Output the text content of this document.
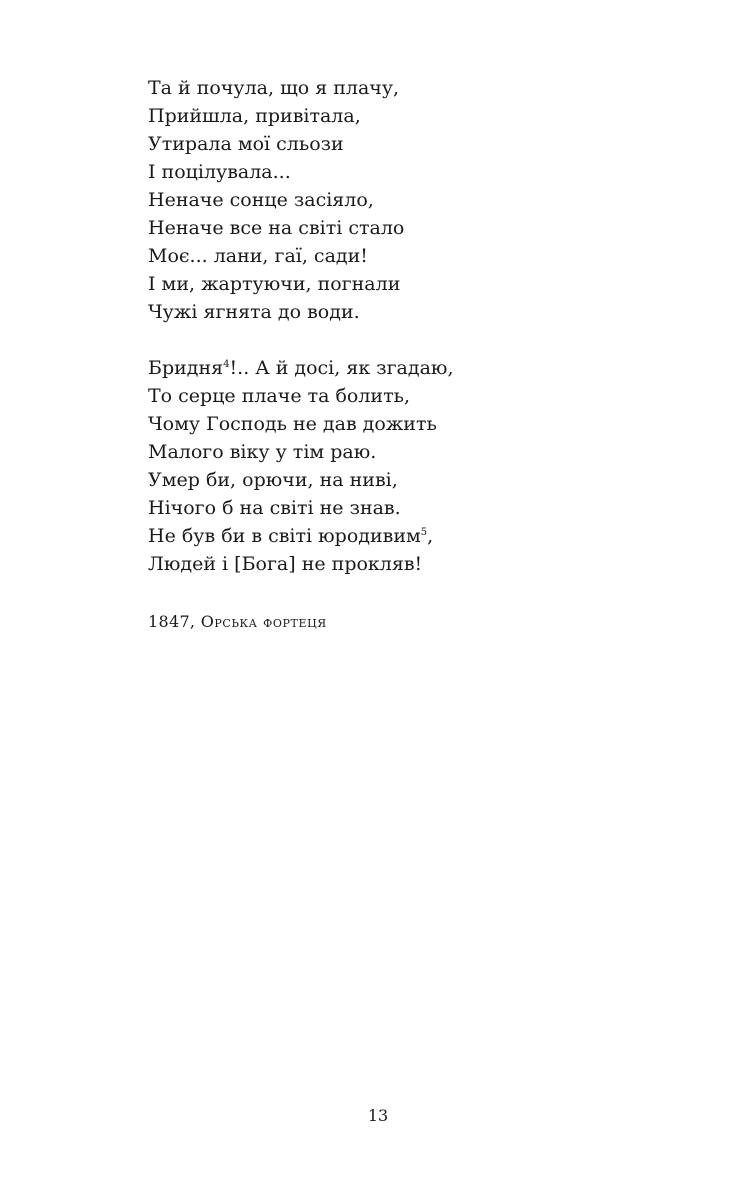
Та й почула, що я плачу,
Прийшла, привітала,
Утирала мої сльози
І поцілувала...
Неначе сонце засіяло,
Неначе все на світі стало
Моє... лани, гаї, сади!
І ми, жартуючи, погнали
Чужі ягнята до води.
Бридня$^4$!.. А й досі, як згадаю,
То серце плаче та болить,
Чому Господь не дав дожить
Малого віку у тім раю.
Умер би, орючи, на ниві,
Нічого б на світі не знав.
Не був би в світі юродивим$^5$,
Людей і [Бога] не прокляв!
1847, Орська фортеця
13
